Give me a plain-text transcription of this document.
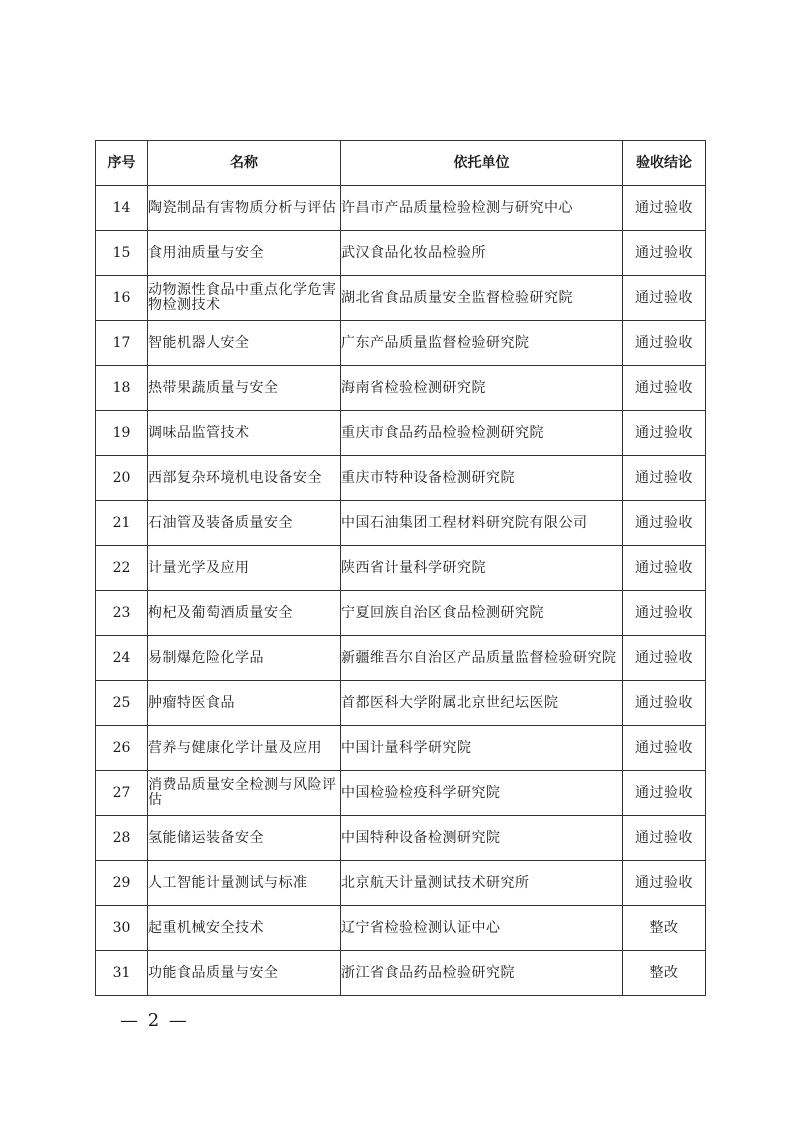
序号	名称	依托单位	验收结论
14	陶瓷制品有害物质分析与评估	许昌市产品质量检验检测与研究中心	通过验收
15	食用油质量与安全	武汉食品化妆品检验所	通过验收
16	动物源性食品中重点化学危害物检测技术	湖北省食品质量安全监督检验研究院	通过验收
17	智能机器人安全	广东产品质量监督检验研究院	通过验收
18	热带果蔬质量与安全	海南省检验检测研究院	通过验收
19	调味品监管技术	重庆市食品药品检验检测研究院	通过验收
20	西部复杂环境机电设备安全	重庆市特种设备检测研究院	通过验收
21	石油管及装备质量安全	中国石油集团工程材料研究院有限公司	通过验收
22	计量光学及应用	陕西省计量科学研究院	通过验收
23	枸杞及葡萄酒质量安全	宁夏回族自治区食品检测研究院	通过验收
24	易制爆危险化学品	新疆维吾尔自治区产品质量监督检验研究院	通过验收
25	肿瘤特医食品	首都医科大学附属北京世纪坛医院	通过验收
26	营养与健康化学计量及应用	中国计量科学研究院	通过验收
27	消费品质量安全检测与风险评估	中国检验检疫科学研究院	通过验收
28	氢能储运装备安全	中国特种设备检测研究院	通过验收
29	人工智能计量测试与标准	北京航天计量测试技术研究所	通过验收
30	起重机械安全技术	辽宁省检验检测认证中心	整改
31	功能食品质量与安全	浙江省食品药品检验研究院	整改
— 2 —
